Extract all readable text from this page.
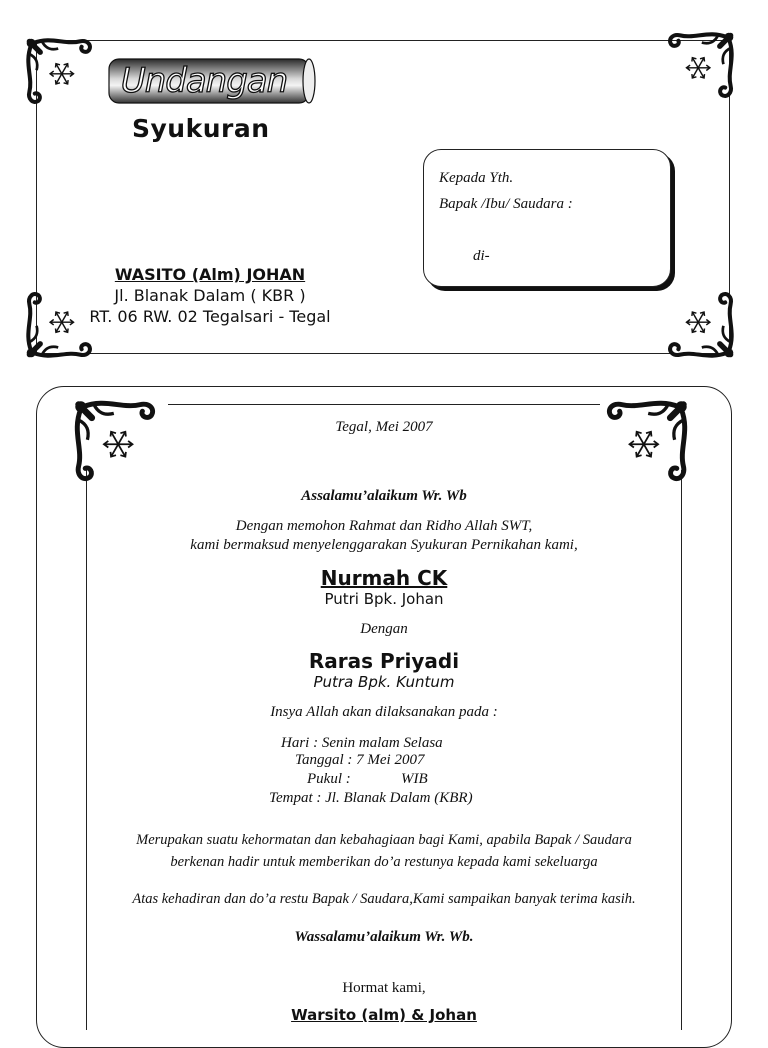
Undangan
Syukuran
Kepada Yth.
Bapak /Ibu/ Saudara :
di-
WASITO (Alm) JOHAN
Jl. Blanak Dalam ( KBR )
RT. 06 RW. 02 Tegalsari - Tegal
Tegal, Mei 2007
Assalamu’alaikum Wr. Wb
Dengan memohon Rahmat dan Ridho Allah SWT,
kami bermaksud menyelenggarakan Syukuran Pernikahan kami,
Nurmah CK
Putri Bpk. Johan
Dengan
Raras Priyadi
Putra Bpk. Kuntum
Insya Allah akan dilaksanakan pada :
Hari : Senin malam Selasa
Tanggal : 7 Mei 2007
Pukul :	WIB
Tempat : Jl. Blanak Dalam (KBR)
Merupakan suatu kehormatan dan kebahagiaan bagi Kami, apabila Bapak / Saudara
berkenan hadir untuk memberikan do’a restunya kepada kami sekeluarga
Atas kehadiran dan do’a restu Bapak / Saudara,Kami sampaikan banyak terima kasih.
Wassalamu’alaikum Wr. Wb.
Hormat kami,
Warsito (alm) & Johan
